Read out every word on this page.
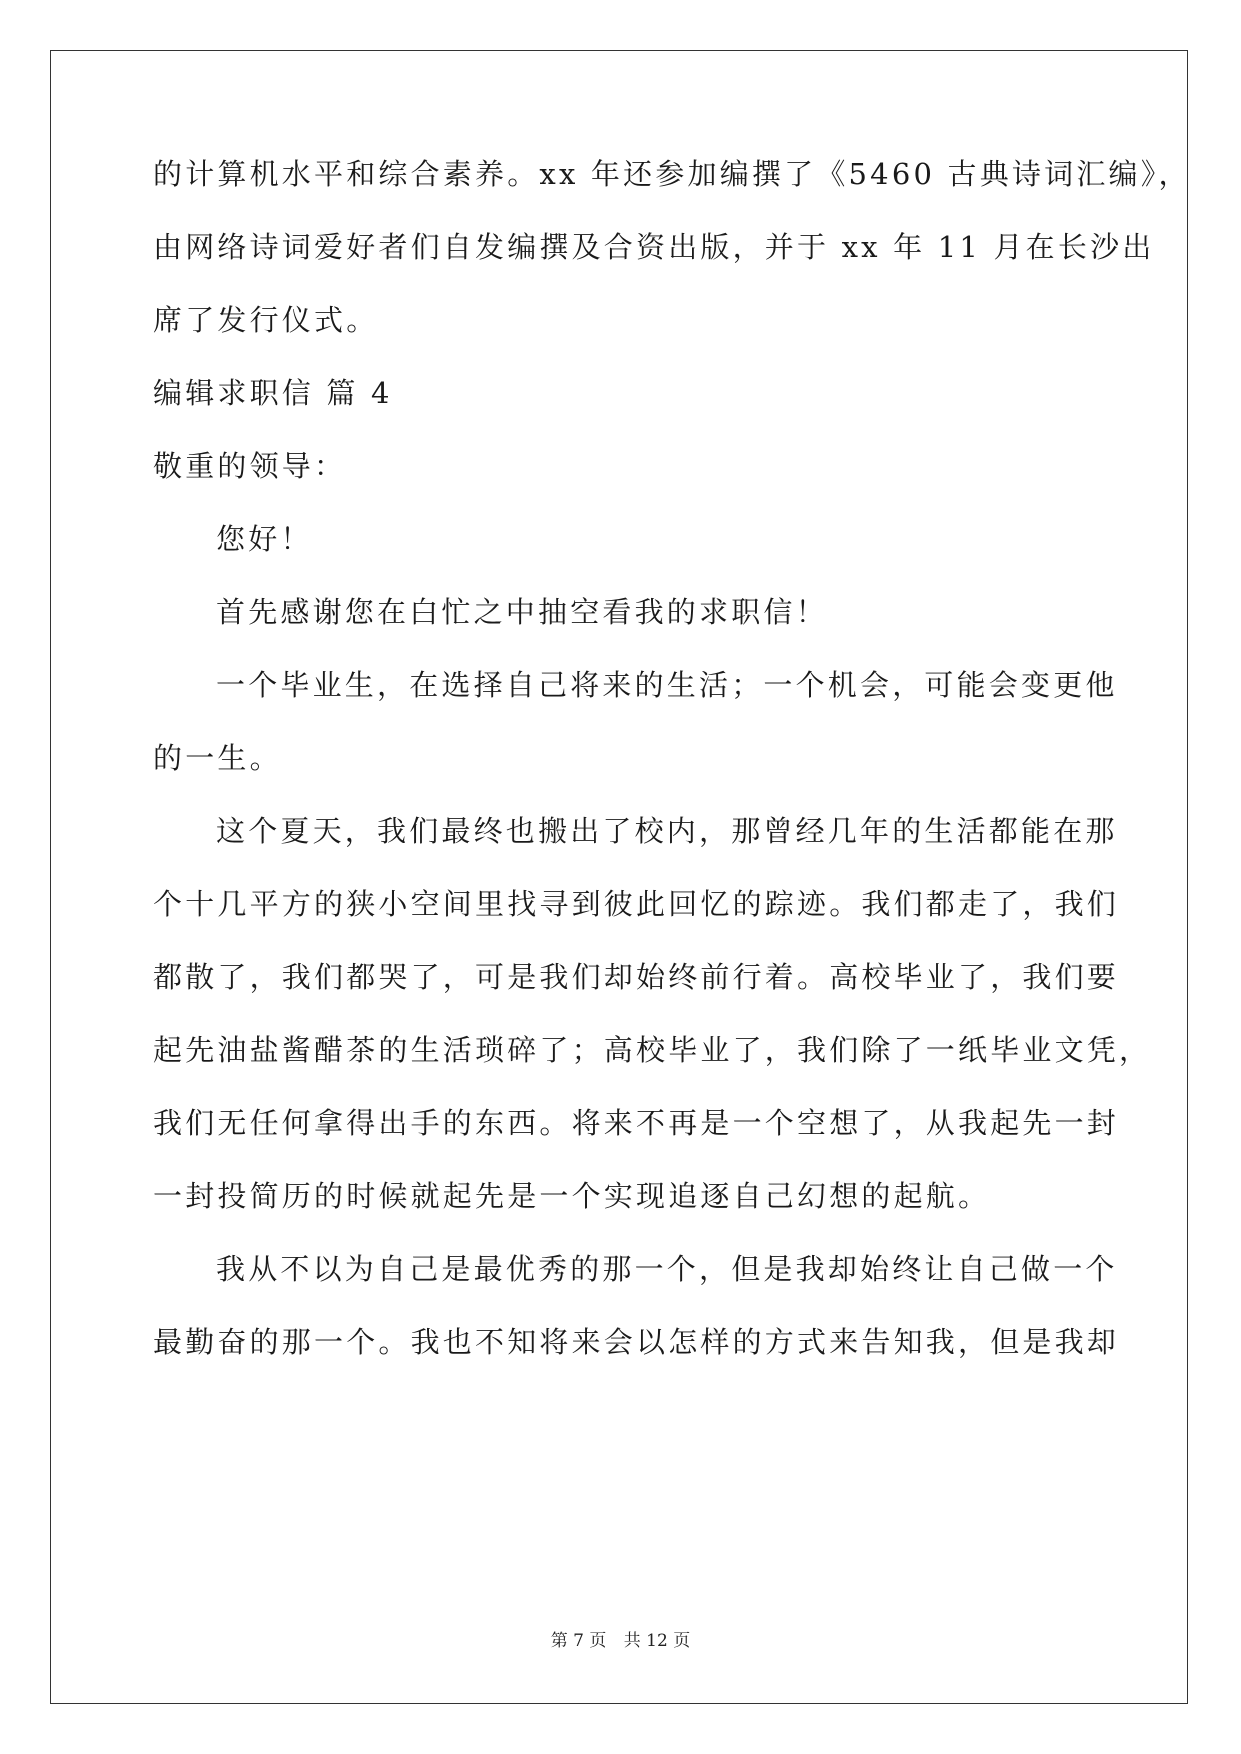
的计算机水平和综合素养。xx 年还参加编撰了《5460 古典诗词汇编》，
由网络诗词爱好者们自发编撰及合资出版，并于 xx 年 11 月在长沙出
席了发行仪式。
编辑求职信 篇 4
敬重的领导：
您好！
首先感谢您在白忙之中抽空看我的求职信！
一个毕业生，在选择自己将来的生活；一个机会，可能会变更他
的一生。
这个夏天，我们最终也搬出了校内，那曾经几年的生活都能在那
个十几平方的狭小空间里找寻到彼此回忆的踪迹。我们都走了，我们
都散了，我们都哭了，可是我们却始终前行着。高校毕业了，我们要
起先油盐酱醋茶的生活琐碎了；高校毕业了，我们除了一纸毕业文凭，
我们无任何拿得出手的东西。将来不再是一个空想了，从我起先一封
一封投简历的时候就起先是一个实现追逐自己幻想的起航。
我从不以为自己是最优秀的那一个，但是我却始终让自己做一个
最勤奋的那一个。我也不知将来会以怎样的方式来告知我，但是我却
第 7 页 共 12 页
